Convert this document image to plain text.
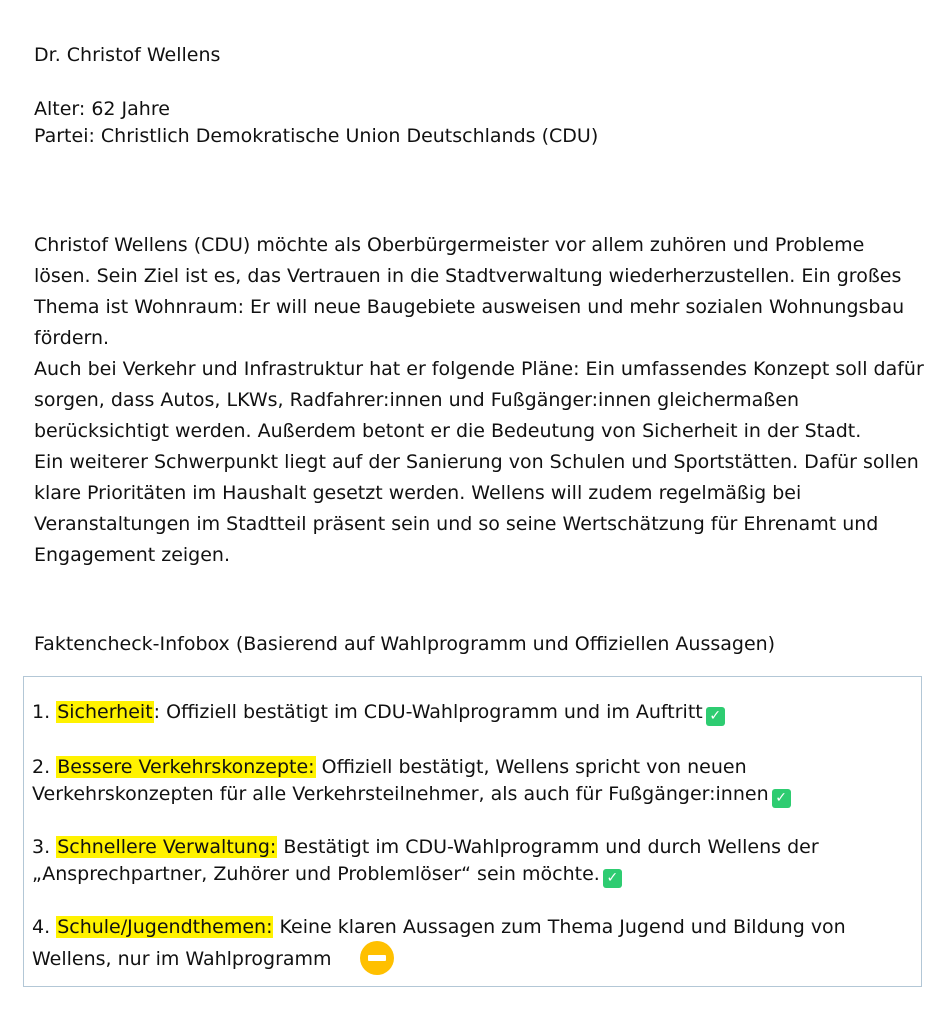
Dr. Christof Wellens
Alter: 62 Jahre
Partei: Christlich Demokratische Union Deutschlands (CDU)

Christof Wellens (CDU) möchte als Oberbürgermeister vor allem zuhören und Probleme lösen. Sein Ziel ist es, das Vertrauen in die Stadtverwaltung wiederherzustellen. Ein großes Thema ist Wohnraum: Er will neue Baugebiete ausweisen und mehr sozialen Wohnungsbau fördern.

Auch bei Verkehr und Infrastruktur hat er folgende Pläne: Ein umfassendes Konzept soll dafür sorgen, dass Autos, LKWs, Radfahrer:innen und Fußgänger:innen gleichermaßen berücksichtigt werden. Außerdem betont er die Bedeutung von Sicherheit in der Stadt.

Ein weiterer Schwerpunkt liegt auf der Sanierung von Schulen und Sportstätten. Dafür sollen klare Prioritäten im Haushalt gesetzt werden. Wellens will zudem regelmäßig bei Veranstaltungen im Stadtteil präsent sein und so seine Wertschätzung für Ehrenamt und Engagement zeigen.

Faktencheck-Infobox (Basierend auf Wahlprogramm und Offiziellen Aussagen)
1. Sicherheit: Offiziell bestätigt im CDU-Wahlprogramm und im Auftritt ✓
2. Bessere Verkehrskonzepte: Offiziell bestätigt, Wellens spricht von neuen Verkehrskonzepten für alle Verkehrsteilnehmer, als auch für Fußgänger:innen ✓
3. Schnellere Verwaltung: Bestätigt im CDU-Wahlprogramm und durch Wellens der „Ansprechpartner, Zuhörer und Problemlöser“ sein möchte. ✓
4. Schule/Jugendthemen: Keine klaren Aussagen zum Thema Jugend und Bildung von Wellens, nur im Wahlprogramm
